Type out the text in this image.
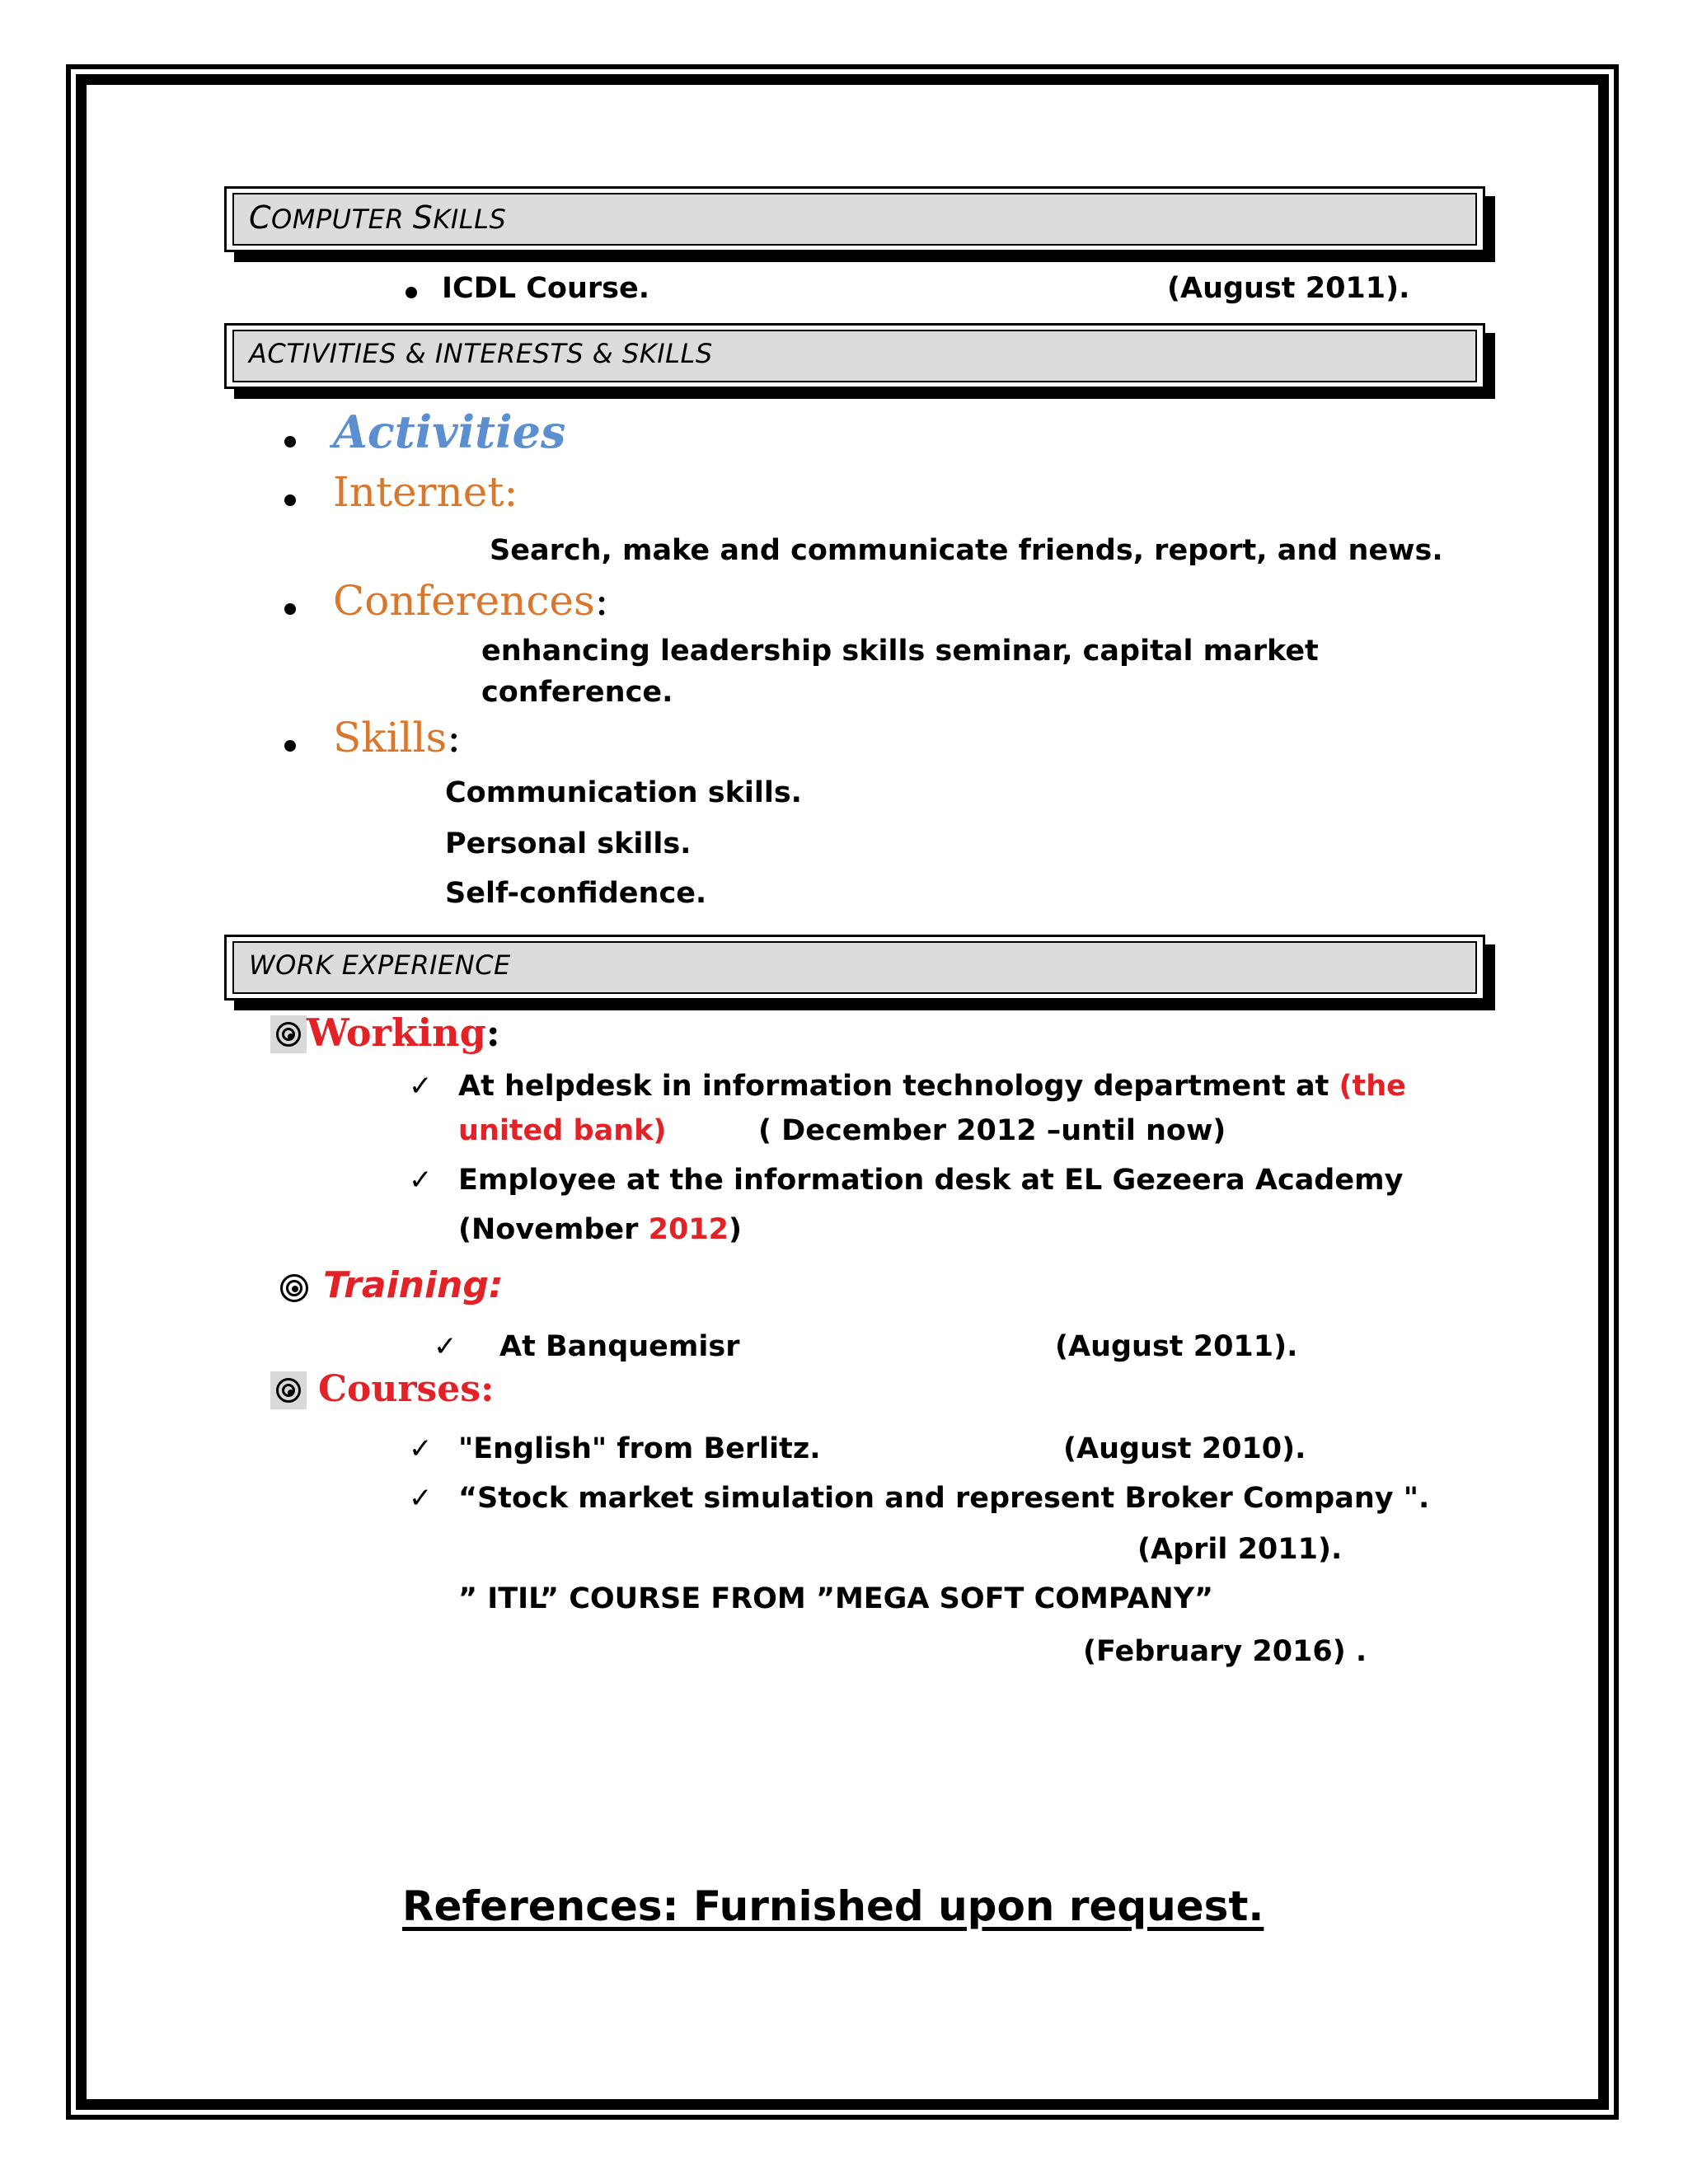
COMPUTER SKILLS
ICDL Course.	(August 2011).
ACTIVITIES & INTERESTS & SKILLS
Activities
Internet:
Search, make and communicate friends, report, and news.
Conferences:
enhancing leadership skills seminar, capital market
conference.
Skills:
Communication skills.
Personal skills.
Self-confidence.
WORK EXPERIENCE
Working:
✓ At helpdesk in information technology department at (the
united bank)	( December 2012 –until now)
✓ Employee at the information desk at EL Gezeera Academy
(November 2012)
Training:
✓ At Banquemisr	(August 2011).
Courses:
✓ "English" from Berlitz.	(August 2010).
✓ “Stock market simulation and represent Broker Company ".
(April 2011).
” ITIL” COURSE FROM ”MEGA SOFT COMPANY”
(February 2016) .
References: Furnished upon request.
